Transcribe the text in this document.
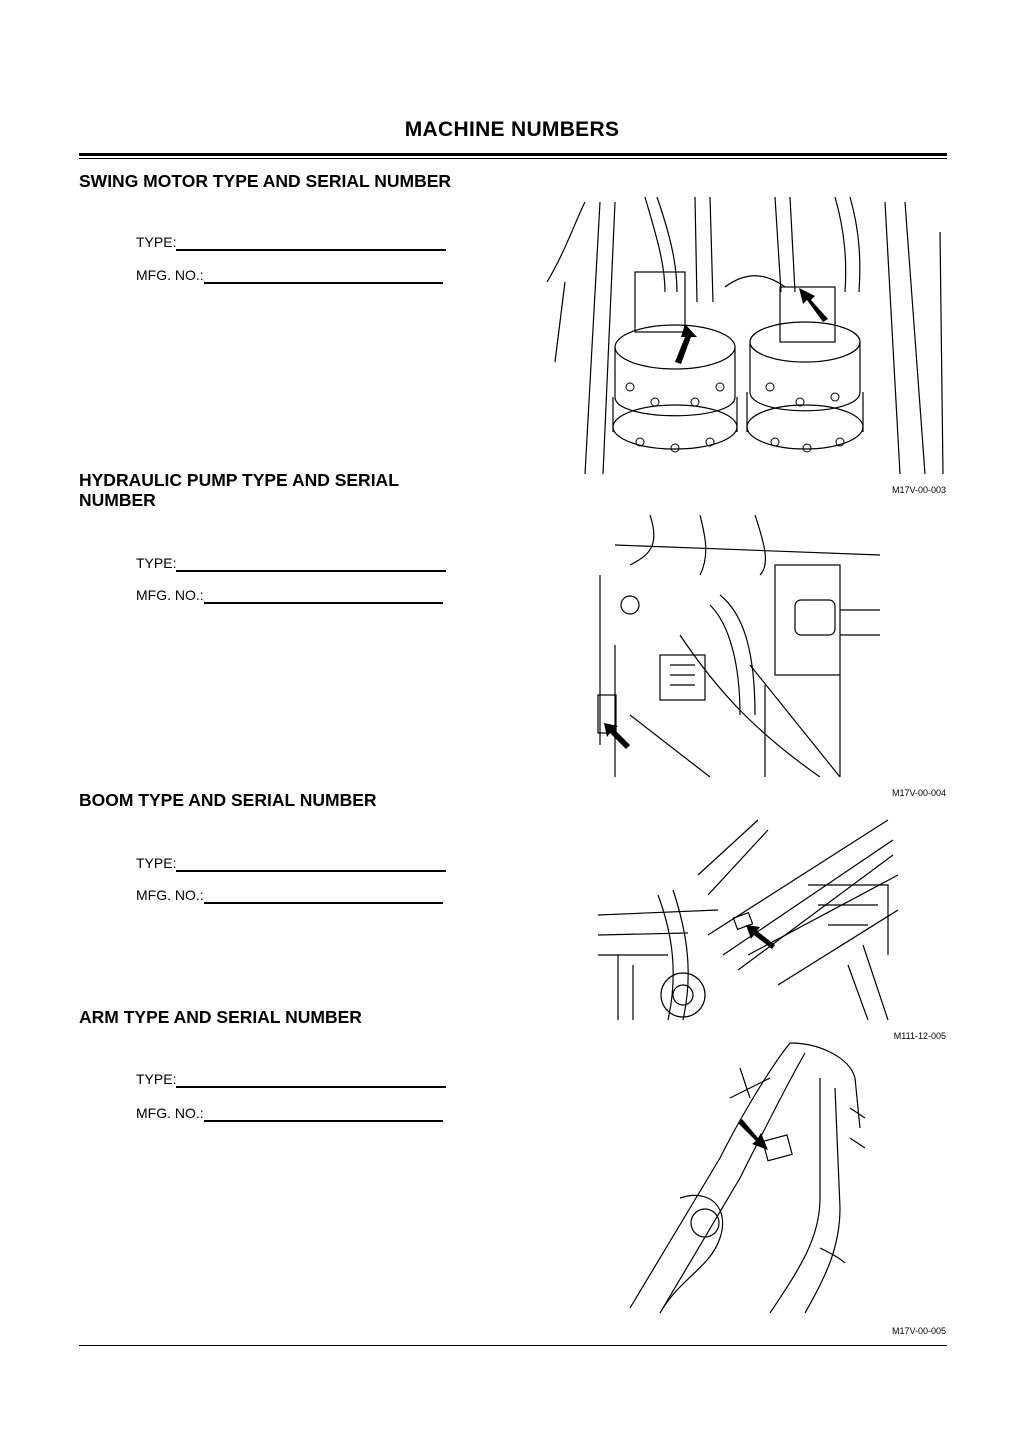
MACHINE NUMBERS
SWING MOTOR TYPE AND SERIAL NUMBER
TYPE:
MFG. NO.:
HYDRAULIC PUMP TYPE AND SERIAL NUMBER
TYPE:
MFG. NO.:
BOOM TYPE AND SERIAL NUMBER
TYPE:
MFG. NO.:
ARM TYPE AND SERIAL NUMBER
TYPE:
MFG. NO.:
M17V-00-003
M17V-00-004
M111-12-005
M17V-00-005
